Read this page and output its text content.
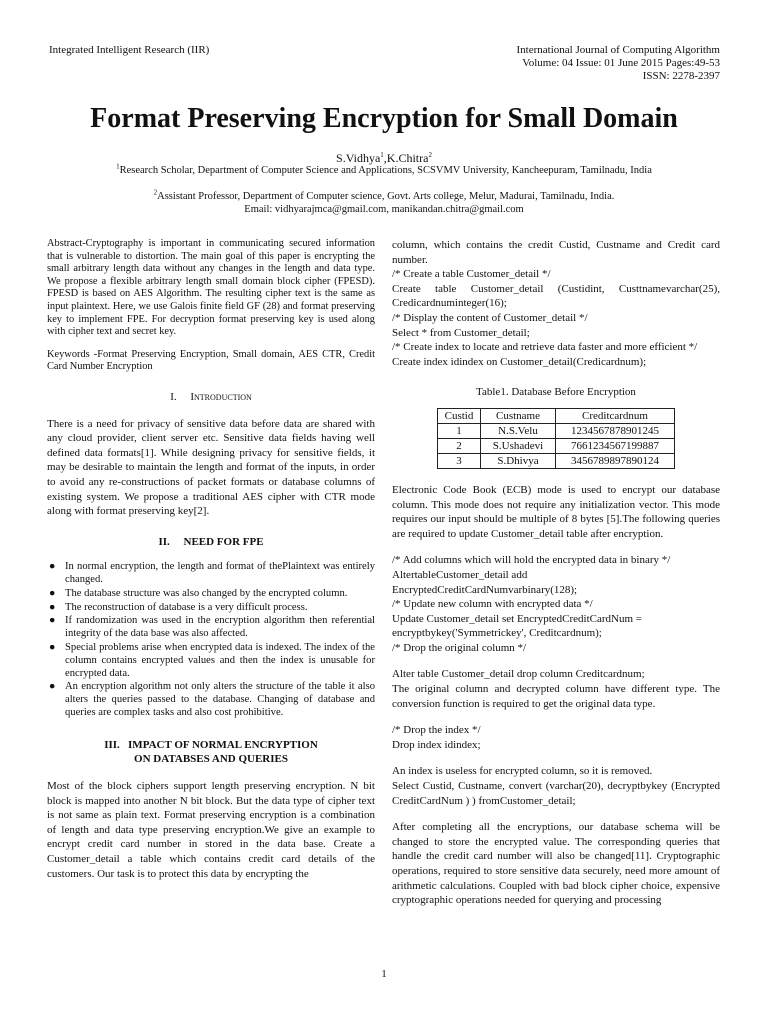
Integrated Intelligent Research (IIR)	International Journal of Computing Algorithm
Volume: 04 Issue: 01 June 2015 Pages:49-53
ISSN: 2278-2397
Format Preserving Encryption for Small Domain
S.Vidhya$^1$,K.Chitra$^2$
$^1$Research Scholar, Department of Computer Science and Applications, SCSVMV University, Kancheepuram, Tamilnadu, India
$^2$Assistant Professor, Department of Computer science, Govt. Arts college, Melur, Madurai, Tamilnadu, India.
Email: vidhyarajmca@gmail.com, manikandan.chitra@gmail.com

Abstract-Cryptography is important in communicating secured information that is vulnerable to distortion. The main goal of this paper is encrypting the small arbitrary length data without any changes in the length and data type. We propose a flexible arbitrary length small domain block cipher (FPESD). FPESD is based on AES Algorithm. The resulting cipher text is the same as input plaintext. Here, we use Galois finite field GF (28) and format preserving key to implement FPE. For decryption format preserving key is used along with cipher text and secret key.

Keywords -Format Preserving Encryption, Small domain, AES CTR, Credit Card Number Encryption

I. Introduction

There is a need for privacy of sensitive data before data are shared with any cloud provider, client server etc. Sensitive data fields having well defined data formats[1]. While designing privacy for sensitive fields, it may be desirable to maintain the length and format of the inputs, in order to avoid any re-constructions of packet formats or database columns of existing system. We propose a traditional AES cipher with CTR mode along with format preserving key[2].

II. NEED FOR FPE
● In normal encryption, the length and format of thePlaintext was entirely changed.
● The database structure was also changed by the encrypted column.
● The reconstruction of database is a very difficult process.
● If randomization was used in the encryption algorithm then referential integrity of the data base was also affected.
● Special problems arise when encrypted data is indexed. The index of the column contains encrypted values and then the index is unusable for encrypted data.
● An encryption algorithm not only alters the structure of the table it also alters the queries passed to the database. Changing of database and queries are complex tasks and also cost prohibitive.
III. IMPACT OF NORMAL ENCRYPTION
ON DATABSES AND QUERIES

Most of the block ciphers support length preserving encryption. N bit block is mapped into another N bit block. But the data type of cipher text is not same as plain text. Format preserving encryption is a combination of length and data type preserving encryption.We give an example to encrypt credit card number in stored in the data base. Create a Customer_detail a table which contains credit card details of the customers. Our task is to protect this data by encrypting the

column, which contains the credit Custid, Custname and Credit card number.

/* Create a table Customer_detail */
Create table Customer_detail (Custidint, Custtnamevarchar(25), Credicardnuminteger(16);
/* Display the content of Customer_detail */
Select * from Customer_detail;
/* Create index to locate and retrieve data faster and more efficient */
Create index idindex on Customer_detail(Credicardnum);
Table1. Database Before Encryption
Custid	Custname	Creditcardnum
1	N.S.Velu	1234567878901245
2	S.Ushadevi	7661234567199887
3	S.Dhivya	3456789897890124

Electronic Code Book (ECB) mode is used to encrypt our database column. This mode does not require any initialization vector. This mode requires our input should be multiple of 8 bytes [5].The following queries are required to update Customer_detail table after encryption.

/* Add columns which will hold the encrypted data in binary */
AltertableCustomer_detail add
EncryptedCreditCardNumvarbinary(128);
/* Update new column with encrypted data */
Update Customer_detail set EncryptedCreditCardNum =
encryptbykey('Symmetrickey', Creditcardnum);
/* Drop the original column */

Alter table Customer_detail drop column Creditcardnum;

The original column and decrypted column have different type. The conversion function is required to get the original data type.

/* Drop the index */
Drop index idindex;

An index is useless for encrypted column, so it is removed.

Select Custid, Custname, convert (varchar(20), decryptbykey (Encrypted CreditCardNum ) ) fromCustomer_detail;

After completing all the encryptions, our database schema will be changed to store the encrypted value. The corresponding queries that handle the credit card number will also be changed[11]. Cryptographic operations, required to store sensitive data securely, need more amount of arithmetic calculations. Coupled with bad block cipher choice, expensive cryptographic operations needed for querying and processing

1
